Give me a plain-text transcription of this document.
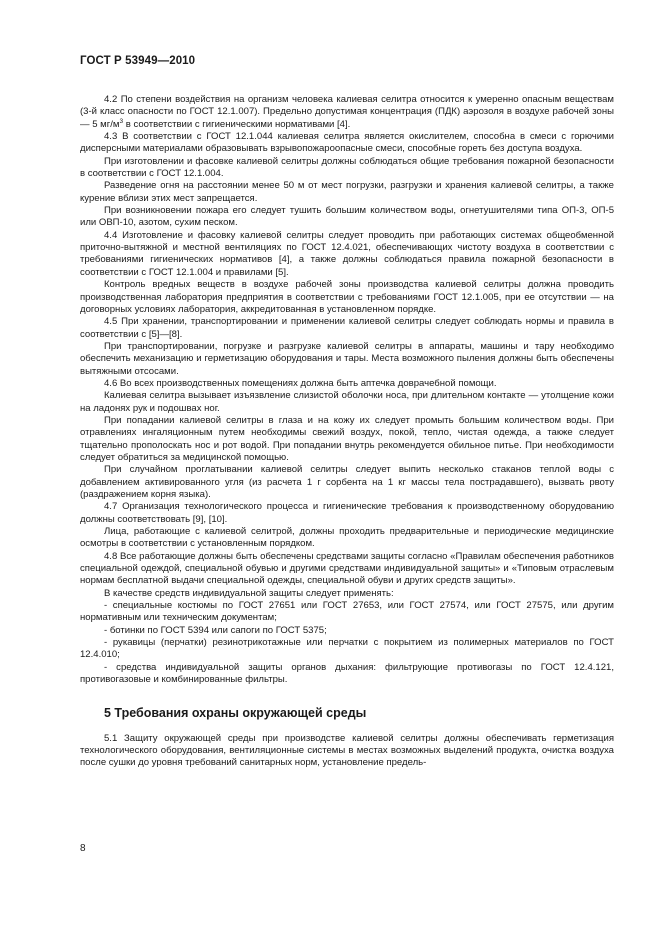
ГОСТ Р 53949—2010

4.2 По степени воздействия на организм человека калиевая селитра относится к умеренно опасным веществам (3-й класс опасности по ГОСТ 12.1.007). Предельно допустимая концентрация (ПДК) аэрозоля в воздухе рабочей зоны — 5 $мг/м^3$ в соответствии с гигиеническими нормативами [4].

4.3 В соответствии с ГОСТ 12.1.044 калиевая селитра является окислителем, способна в смеси с горючими дисперсными материалами образовывать взрывопожароопасные смеси, способные гореть без доступа воздуха.

При изготовлении и фасовке калиевой селитры должны соблюдаться общие требования пожарной безопасности в соответствии с ГОСТ 12.1.004.

Разведение огня на расстоянии менее 50 м от мест погрузки, разгрузки и хранения калиевой селитры, а также курение вблизи этих мест запрещается.

При возникновении пожара его следует тушить большим количеством воды, огнетушителями типа ОП-3, ОП-5 или ОВП-10, азотом, сухим песком.

4.4 Изготовление и фасовку калиевой селитры следует проводить при работающих системах общеобменной приточно-вытяжной и местной вентиляциях по ГОСТ 12.4.021, обеспечивающих чистоту воздуха в соответствии с требованиями гигиенических нормативов [4], а также должны соблюдаться правила пожарной безопасности в соответствии с ГОСТ 12.1.004 и правилами [5].

Контроль вредных веществ в воздухе рабочей зоны производства калиевой селитры должна проводить производственная лаборатория предприятия в соответствии с требованиями ГОСТ 12.1.005, при ее отсутствии — на договорных условиях лаборатория, аккредитованная в установленном порядке.

4.5 При хранении, транспортировании и применении калиевой селитры следует соблюдать нормы и правила в соответствии с [5]—[8].

При транспортировании, погрузке и разгрузке калиевой селитры в аппараты, машины и тару необходимо обеспечить механизацию и герметизацию оборудования и тары. Места возможного пыления должны быть обеспечены вытяжными отсосами.

4.6 Во всех производственных помещениях должна быть аптечка доврачебной помощи.

Калиевая селитра вызывает изъязвление слизистой оболочки носа, при длительном контакте — утолщение кожи на ладонях рук и подошвах ног.

При попадании калиевой селитры в глаза и на кожу их следует промыть большим количеством воды. При отравлениях ингаляционным путем необходимы свежий воздух, покой, тепло, чистая одежда, а также следует тщательно прополоскать нос и рот водой. При попадании внутрь рекомендуется обильное питье. При необходимости следует обратиться за медицинской помощью.

При случайном проглатывании калиевой селитры следует выпить несколько стаканов теплой воды с добавлением активированного угля (из расчета 1 г сорбента на 1 кг массы тела пострадавшего), вызвать рвоту (раздражением корня языка).

4.7 Организация технологического процесса и гигиенические требования к производственному оборудованию должны соответствовать [9], [10].

Лица, работающие с калиевой селитрой, должны проходить предварительные и периодические медицинские осмотры в соответствии с установленным порядком.

4.8 Все работающие должны быть обеспечены средствами защиты согласно «Правилам обеспечения работников специальной одеждой, специальной обувью и другими средствами индивидуальной защиты» и «Типовым отраслевым нормам бесплатной выдачи специальной одежды, специальной обуви и других средств защиты».

В качестве средств индивидуальной защиты следует применять:

- специальные костюмы по ГОСТ 27651 или ГОСТ 27653, или ГОСТ 27574, или ГОСТ 27575, или другим нормативным или техническим документам;

- ботинки по ГОСТ 5394 или сапоги по ГОСТ 5375;

- рукавицы (перчатки) резинотрикотажные или перчатки с покрытием из полимерных материалов по ГОСТ 12.4.010;

- средства индивидуальной защиты органов дыхания: фильтрующие противогазы по ГОСТ 12.4.121, противогазовые и комбинированные фильтры.

5 Требования охраны окружающей среды

5.1 Защиту окружающей среды при производстве калиевой селитры должны обеспечивать герметизация технологического оборудования, вентиляционные системы в местах возможных выделений продукта, очистка воздуха после сушки до уровня требований санитарных норм, установление предель-

8
